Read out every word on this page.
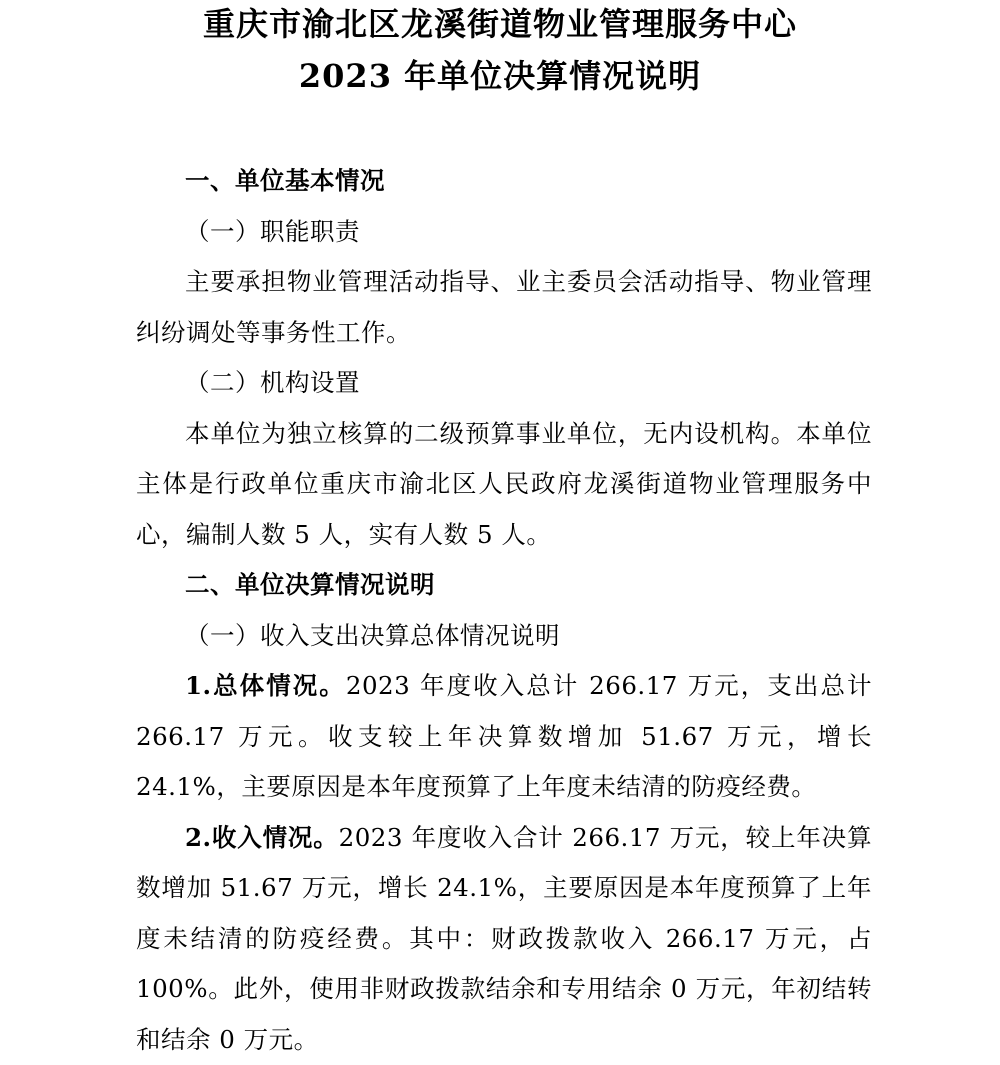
重庆市渝北区龙溪街道物业管理服务中心
2023 年单位决算情况说明

一、单位基本情况

（一）职能职责

主要承担物业管理活动指导、业主委员会活动指导、物业管理纠纷调处等事务性工作。

（二）机构设置

本单位为独立核算的二级预算事业单位，无内设机构。本单位主体是行政单位重庆市渝北区人民政府龙溪街道物业管理服务中心，编制人数 5 人，实有人数 5 人。

二、单位决算情况说明

（一）收入支出决算总体情况说明

1.总体情况。2023 年度收入总计 266.17 万元，支出总计 266.17 万元。收支较上年决算数增加 51.67 万元，增长 24.1%，主要原因是本年度预算了上年度未结清的防疫经费。

2.收入情况。2023 年度收入合计 266.17 万元，较上年决算数增加 51.67 万元，增长 24.1%，主要原因是本年度预算了上年度未结清的防疫经费。其中：财政拨款收入 266.17 万元，占 100%。此外，使用非财政拨款结余和专用结余 0 万元，年初结转和结余 0 万元。
